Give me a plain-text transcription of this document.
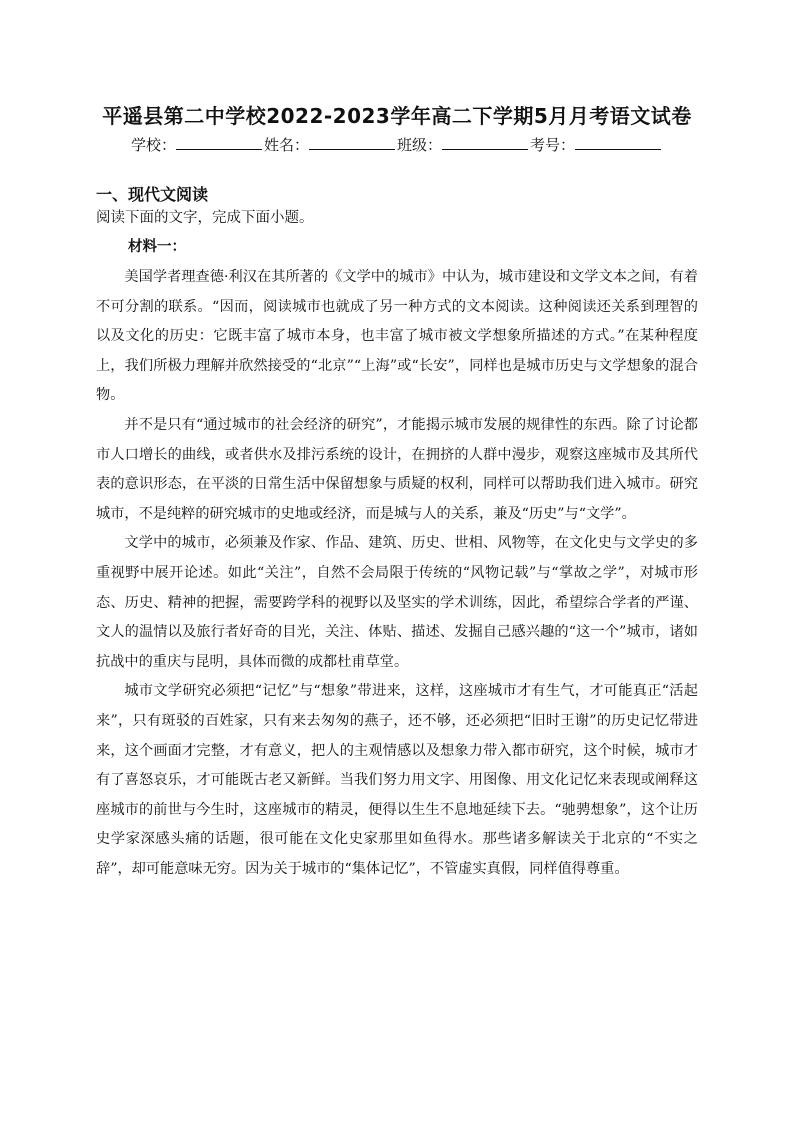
平遥县第二中学校2022-2023学年高二下学期5月月考语文试卷
学校：	姓名：	班级：	考号：
一、现代文阅读
阅读下面的文字，完成下面小题。
材料一：

美国学者理查德·利汉在其所著的《文学中的城市》中认为，城市建设和文学文本之间，有着不可分割的联系。“因而，阅读城市也就成了另一种方式的文本阅读。这种阅读还关系到理智的以及文化的历史：它既丰富了城市本身，也丰富了城市被文学想象所描述的方式。”在某种程度上，我们所极力理解并欣然接受的“北京”“上海”或“长安”，同样也是城市历史与文学想象的混合物。

并不是只有“通过城市的社会经济的研究”，才能揭示城市发展的规律性的东西。除了讨论都市人口增长的曲线，或者供水及排污系统的设计，在拥挤的人群中漫步，观察这座城市及其所代表的意识形态，在平淡的日常生活中保留想象与质疑的权利，同样可以帮助我们进入城市。研究城市，不是纯粹的研究城市的史地或经济，而是城与人的关系，兼及“历史”与“文学”。

文学中的城市，必须兼及作家、作品、建筑、历史、世相、风物等，在文化史与文学史的多重视野中展开论述。如此“关注”，自然不会局限于传统的“风物记载”与“掌故之学”，对城市形态、历史、精神的把握，需要跨学科的视野以及坚实的学术训练，因此，希望综合学者的严谨、文人的温情以及旅行者好奇的目光，关注、体贴、描述、发掘自己感兴趣的“这一个”城市，诸如抗战中的重庆与昆明，具体而微的成都杜甫草堂。

城市文学研究必须把“记忆”与“想象”带进来，这样，这座城市才有生气，才可能真正“活起来”，只有斑驳的百姓家，只有来去匆匆的燕子，还不够，还必须把“旧时王谢”的历史记忆带进来，这个画面才完整，才有意义，把人的主观情感以及想象力带入都市研究，这个时候，城市才有了喜怒哀乐，才可能既古老又新鲜。当我们努力用文字、用图像、用文化记忆来表现或阐释这座城市的前世与今生时，这座城市的精灵，便得以生生不息地延续下去。“驰骋想象”，这个让历史学家深感头痛的话题，很可能在文化史家那里如鱼得水。那些诸多解读关于北京的“不实之辞”，却可能意味无穷。因为关于城市的“集体记忆”，不管虚实真假，同样值得尊重。
